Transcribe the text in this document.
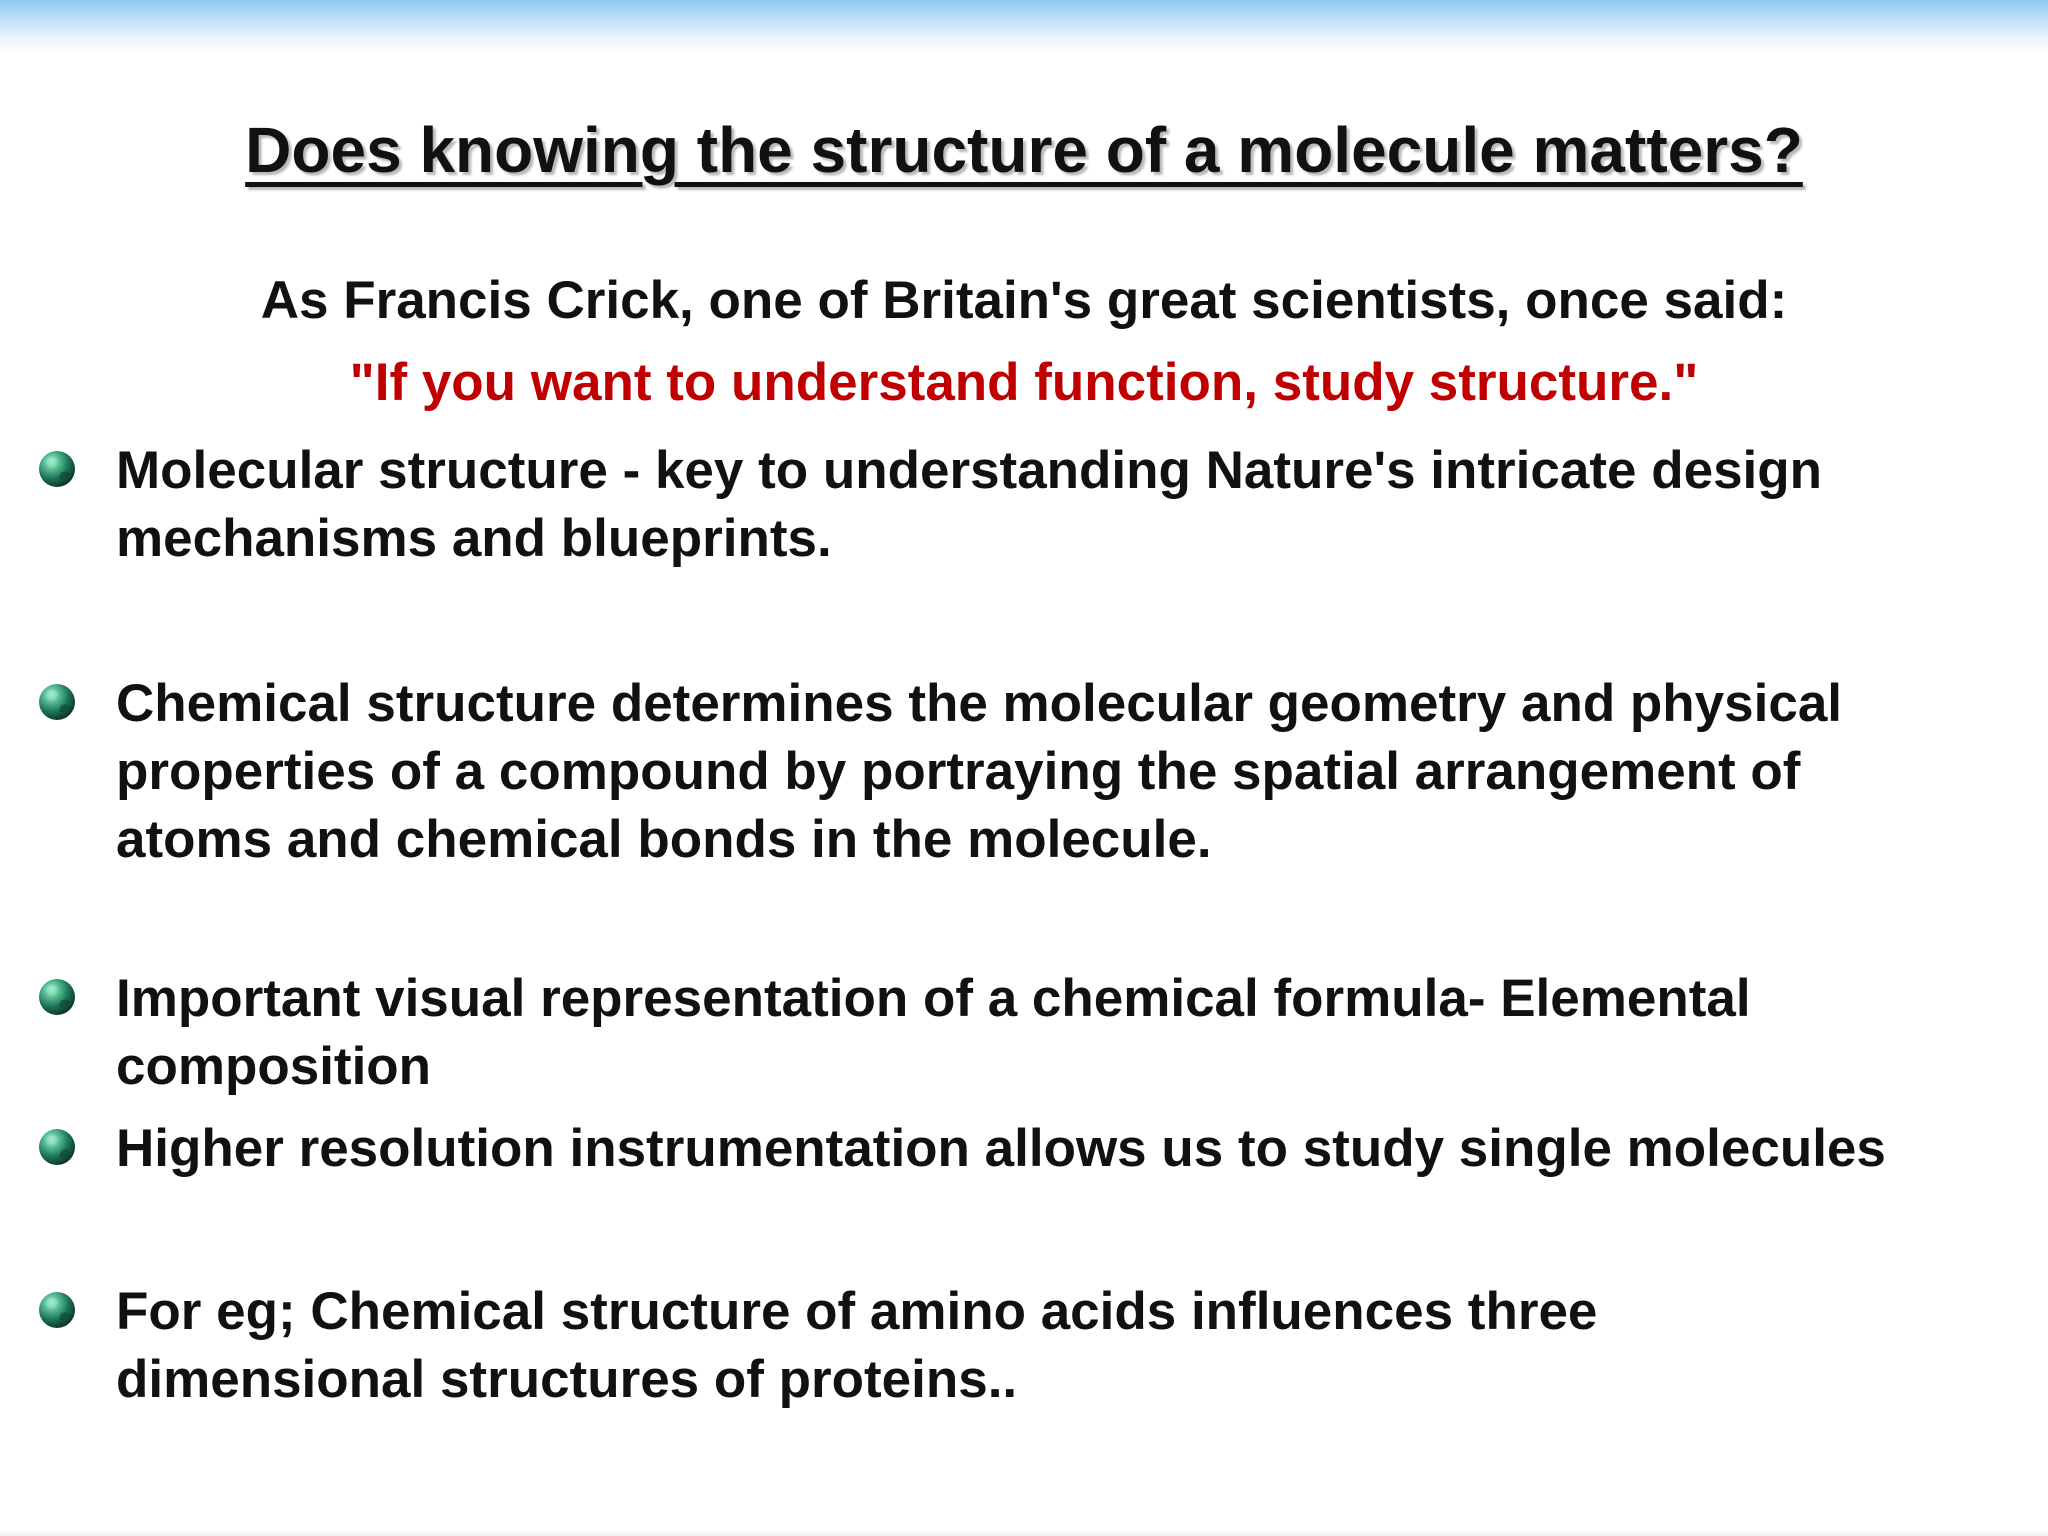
Does knowing the structure of a molecule matters?
As Francis Crick, one of Britain's great scientists, once said:
"If you want to understand function, study structure."
Molecular structure - key to understanding Nature's intricate design
mechanisms and blueprints.
Chemical structure determines the molecular geometry and physical
properties of a compound by portraying the spatial arrangement of
atoms and chemical bonds in the molecule.
Important visual representation of a chemical formula- Elemental
composition
Higher resolution instrumentation allows us to study single molecules
For eg; Chemical structure of amino acids influences three
dimensional structures of proteins..
